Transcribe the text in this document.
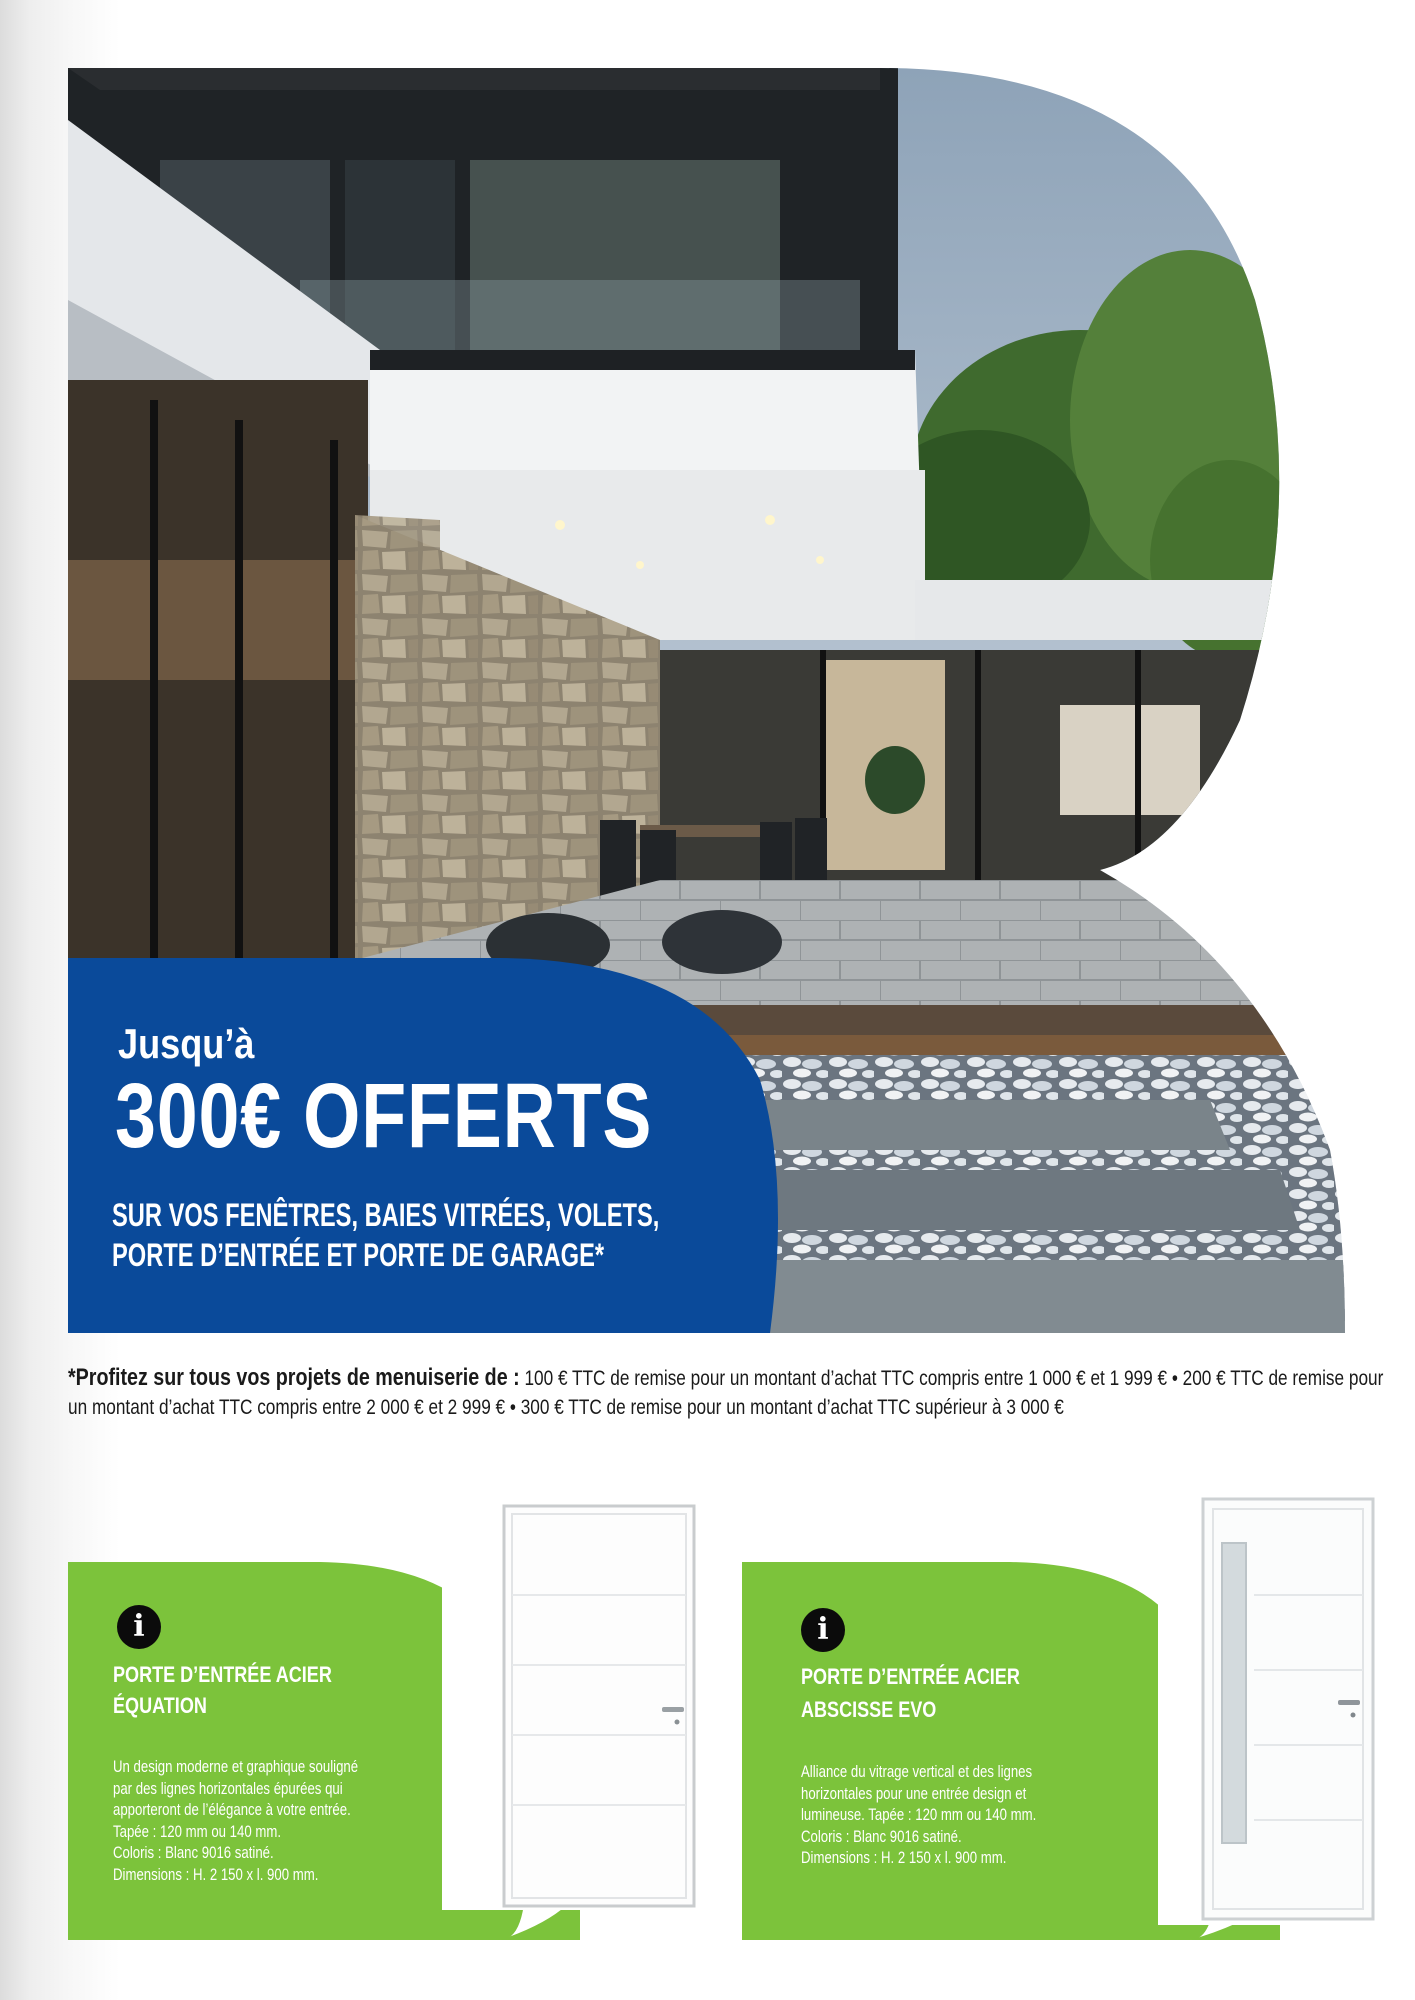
Jusqu’à
300€ OFFERTS
SUR VOS FENÊTRES, BAIES VITRÉES, VOLETS,
PORTE D’ENTRÉE ET PORTE DE GARAGE*
*Profitez sur tous vos projets de menuiserie de : 100 € TTC de remise pour un montant d’achat TTC compris entre 1 000 € et 1 999 € • 200 € TTC de remise pour un montant d’achat TTC compris entre 2 000 € et 2 999 € • 300 € TTC de remise pour un montant d’achat TTC supérieur à 3 000 €
i
PORTE D’ENTRÉE ACIER
ÉQUATION
Un design moderne et graphique souligné
par des lignes horizontales épurées qui
apporteront de l’élégance à votre entrée.
Tapée : 120 mm ou 140 mm.
Coloris : Blanc 9016 satiné.
Dimensions : H. 2 150 x l. 900 mm.
i
PORTE D’ENTRÉE ACIER
ABSCISSE EVO
Alliance du vitrage vertical et des lignes
horizontales pour une entrée design et
lumineuse. Tapée : 120 mm ou 140 mm.
Coloris : Blanc 9016 satiné.
Dimensions : H. 2 150 x l. 900 mm.
